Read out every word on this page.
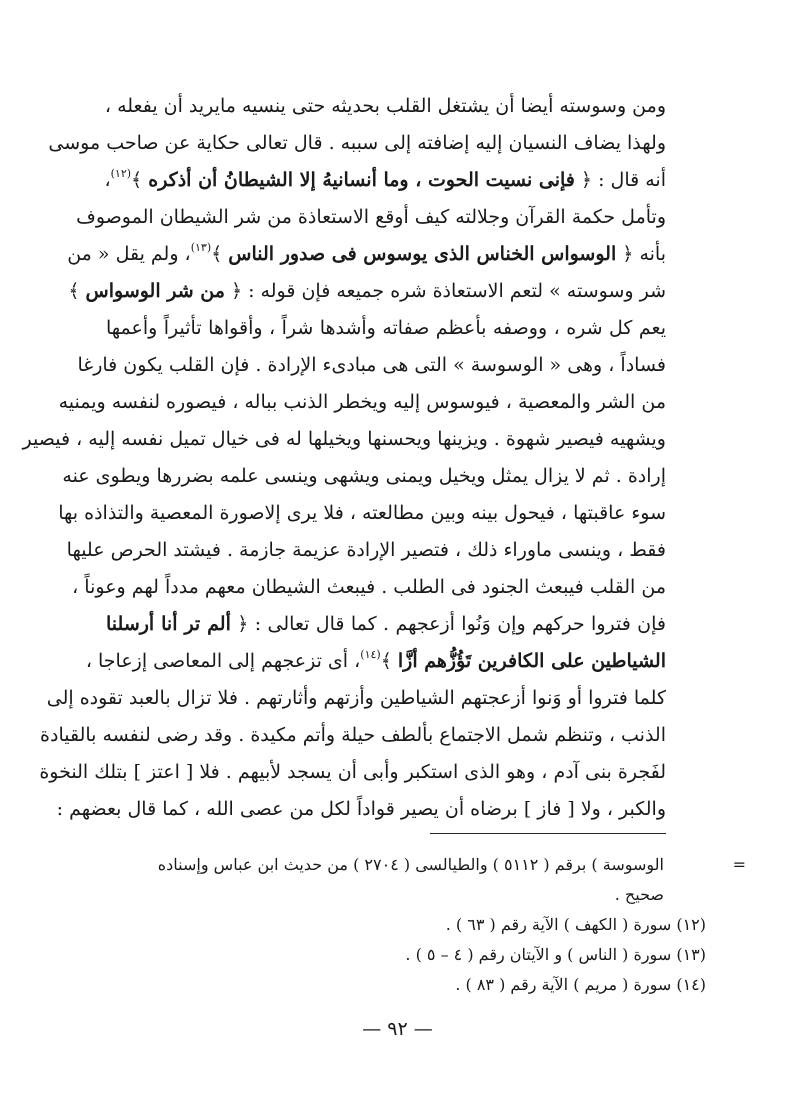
ومن وسوسته أيضا أن يشتغل القلب بحديثه حتى ينسيه مايريد أن يفعله ،
ولهذا يضاف النسيان إليه إضافته إلى سببه . قال تعالى حكاية عن صاحب موسى
أنه قال : ﴿ فإنى نسيت الحوت ، وما أنسانيهُ إلا الشيطانُ أن أذكره ﴾$^{(١٢)}$،
وتأمل حكمة القرآن وجلالته كيف أوقع الاستعاذة من شر الشيطان الموصوف
بأنه ﴿ الوسواس الخناس الذى يوسوس فى صدور الناس ﴾$^{(١٣)}$، ولم يقل « من
شر وسوسته » لتعم الاستعاذة شره جميعه فإن قوله : ﴿ من شر الوسواس ﴾
يعم كل شره ، ووصفه بأعظم صفاته وأشدها شراً ، وأقواها تأثيراً وأعمها
فساداً ، وهى « الوسوسة » التى هى مبادىء الإرادة . فإن القلب يكون فارغا
من الشر والمعصية ، فيوسوس إليه ويخطر الذنب بباله ، فيصوره لنفسه ويمنيه
ويشهيه فيصير شهوة . ويزينها ويحسنها ويخيلها له فى خيال تميل نفسه إليه ، فيصير
إرادة . ثم لا يزال يمثل ويخيل ويمنى ويشهى وينسى علمه بضررها ويطوى عنه
سوء عاقبتها ، فيحول بينه وبين مطالعته ، فلا يرى إلاصورة المعصية والتذاذه بها
فقط ، وينسى ماوراء ذلك ، فتصير الإرادة عزيمة جازمة . فيشتد الحرص عليها
من القلب فيبعث الجنود فى الطلب . فيبعث الشيطان معهم مدداً لهم وعوناً ،
فإن فتروا حركهم وإن وَنُوا أزعجهم . كما قال تعالى : ﴿ ألم تر أنا أرسلنا
الشياطين على الكافرين تَؤُزُّهم أزَّا ﴾$^{(١٤)}$، أى تزعجهم إلى المعاصى إزعاجا ،
كلما فتروا أو وَنوا أزعجتهم الشياطين وأزتهم وأثارتهم . فلا تزال بالعبد تقوده إلى
الذنب ، وتنظم شمل الاجتماع بألطف حيلة وأتم مكيدة . وقد رضى لنفسه بالقيادة
لفَجرة بنى آدم ، وهو الذى استكبر وأبى أن يسجد لأبيهم . فلا [ اعتز ] بتلك النخوة
والكبر ، ولا [ فاز ] برضاه أن يصير قواداً لكل من عصى الله ، كما قال بعضهم :
=
الوسوسة ) برقم ( ٥١١٢ ) والطيالسى ( ٢٧٠٤ ) من حديث ابن عباس وإسناده
صحيح .
(١٢) سورة ( الكهف ) الآية رقم ( ٦٣ ) .
(١٣) سورة ( الناس ) و الآيتان رقم ( ٤ – ٥ ) .
(١٤) سورة ( مريم ) الآية رقم ( ٨٣ ) .
— ٩٢ —
